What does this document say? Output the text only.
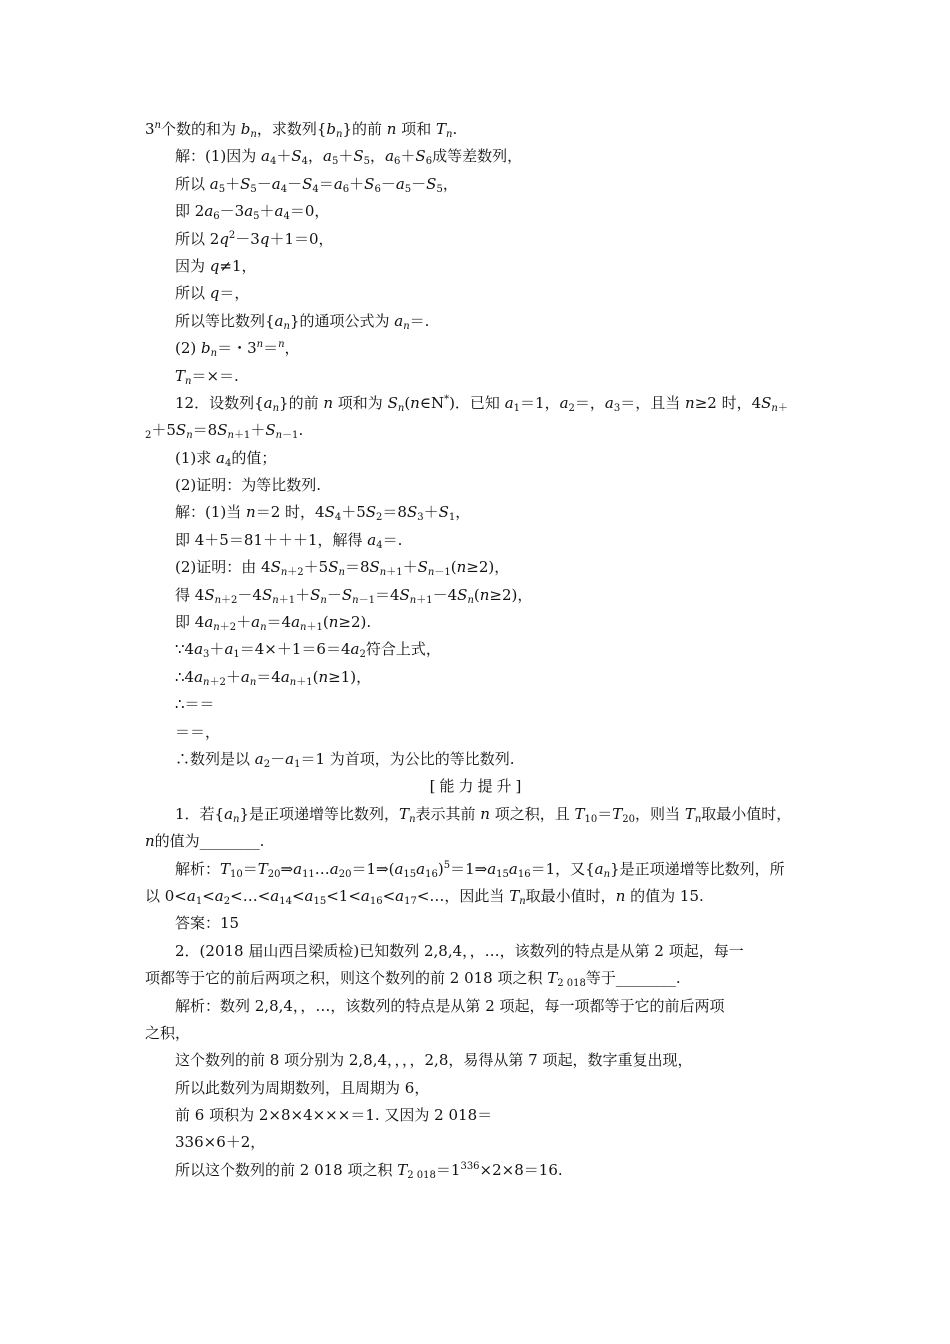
3$^n$个数的和为 $b_n$，求数列$\{b_n\}$的前 n 项和 $T_n$.
解：(1)因为 $a_4+S_4$，$a_5+S_5$，$a_6+S_6$成等差数列，
所以 $a_5+S_5-a_4-S_4=a_6+S_6-a_5-S_5$，
即 $2a_6-3a_5+a_4=0$，
所以 $2q^2-3q+1=0$，
因为 q≠1，
所以 q＝，
所以等比数列$\{a_n\}$的通项公式为 $a_n=$.
(2) $b_n=$・$3^n=^n$，
$T_n=\times=$.
12．设数列$\{a_n\}$的前 n 项和为 $S_n(n\in N^*)$．已知 $a_1=1$，$a_2=$，$a_3=$，且当 n≥2 时，$4S_{n+}$
$_2+5S_n=8S_{n+1}+S_{n-1}$.
(1)求 $a_4$的值；
(2)证明：为等比数列.
解：(1)当 n＝2 时，$4S_4+5S_2=8S_3+S_1$，
即 4＋5＝81＋＋＋1，解得 $a_4=$.
(2)证明：由 $4S_{n+2}+5S_n=8S_{n+1}+S_{n-1}(n\ge 2)$，
得 $4S_{n+2}-4S_{n+1}+S_n-S_{n-1}=4S_{n+1}-4S_n(n\ge 2)$，
即 $4a_{n+2}+a_n=4a_{n+1}(n\ge 2)$.
$\because 4a_3+a_1=4\times+1=6=4a_2$符合上式，
$\therefore 4a_{n+2}+a_n=4a_{n+1}(n\ge 1)$，
∴＝＝
＝＝，
∴数列是以 $a_2-a_1=1$ 为首项，为公比的等比数列.
[能力提升]
1．若$\{a_n\}$是正项递增等比数列，$T_n$表示其前 n 项之积，且 $T_{10}=T_{20}$，则当 $T_n$取最小值时，
n的值为________.
解析：$T_{10}=T_{20}\Rightarrow a_{11}\dots a_{20}=1\Rightarrow(a_{15}a_{16})^5=1\Rightarrow a_{15}a_{16}=1$，又$\{a_n\}$是正项递增等比数列，所
以 $0<a_1<a_2<\dots<a_{14}<a_{15}<1<a_{16}<a_{17}<\dots$，因此当 $T_n$取最小值时，n 的值为 15.
答案：15
2．(2018 届山西吕梁质检)已知数列 2,8,4，，…，该数列的特点是从第 2 项起，每一
项都等于它的前后两项之积，则这个数列的前 2 018 项之积 $T_{2 018}$等于________.
解析：数列 2,8,4，，…，该数列的特点是从第 2 项起，每一项都等于它的前后两项
之积，
这个数列的前 8 项分别为 2,8,4，，，，2,8，易得从第 7 项起，数字重复出现，
所以此数列为周期数列，且周期为 6，
前 6 项积为 2×8×4×××＝1. 又因为 2 018＝
336×6＋2，
所以这个数列的前 2 018 项之积 $T_{2 018}=1^{336}\times 2\times 8=16$.
